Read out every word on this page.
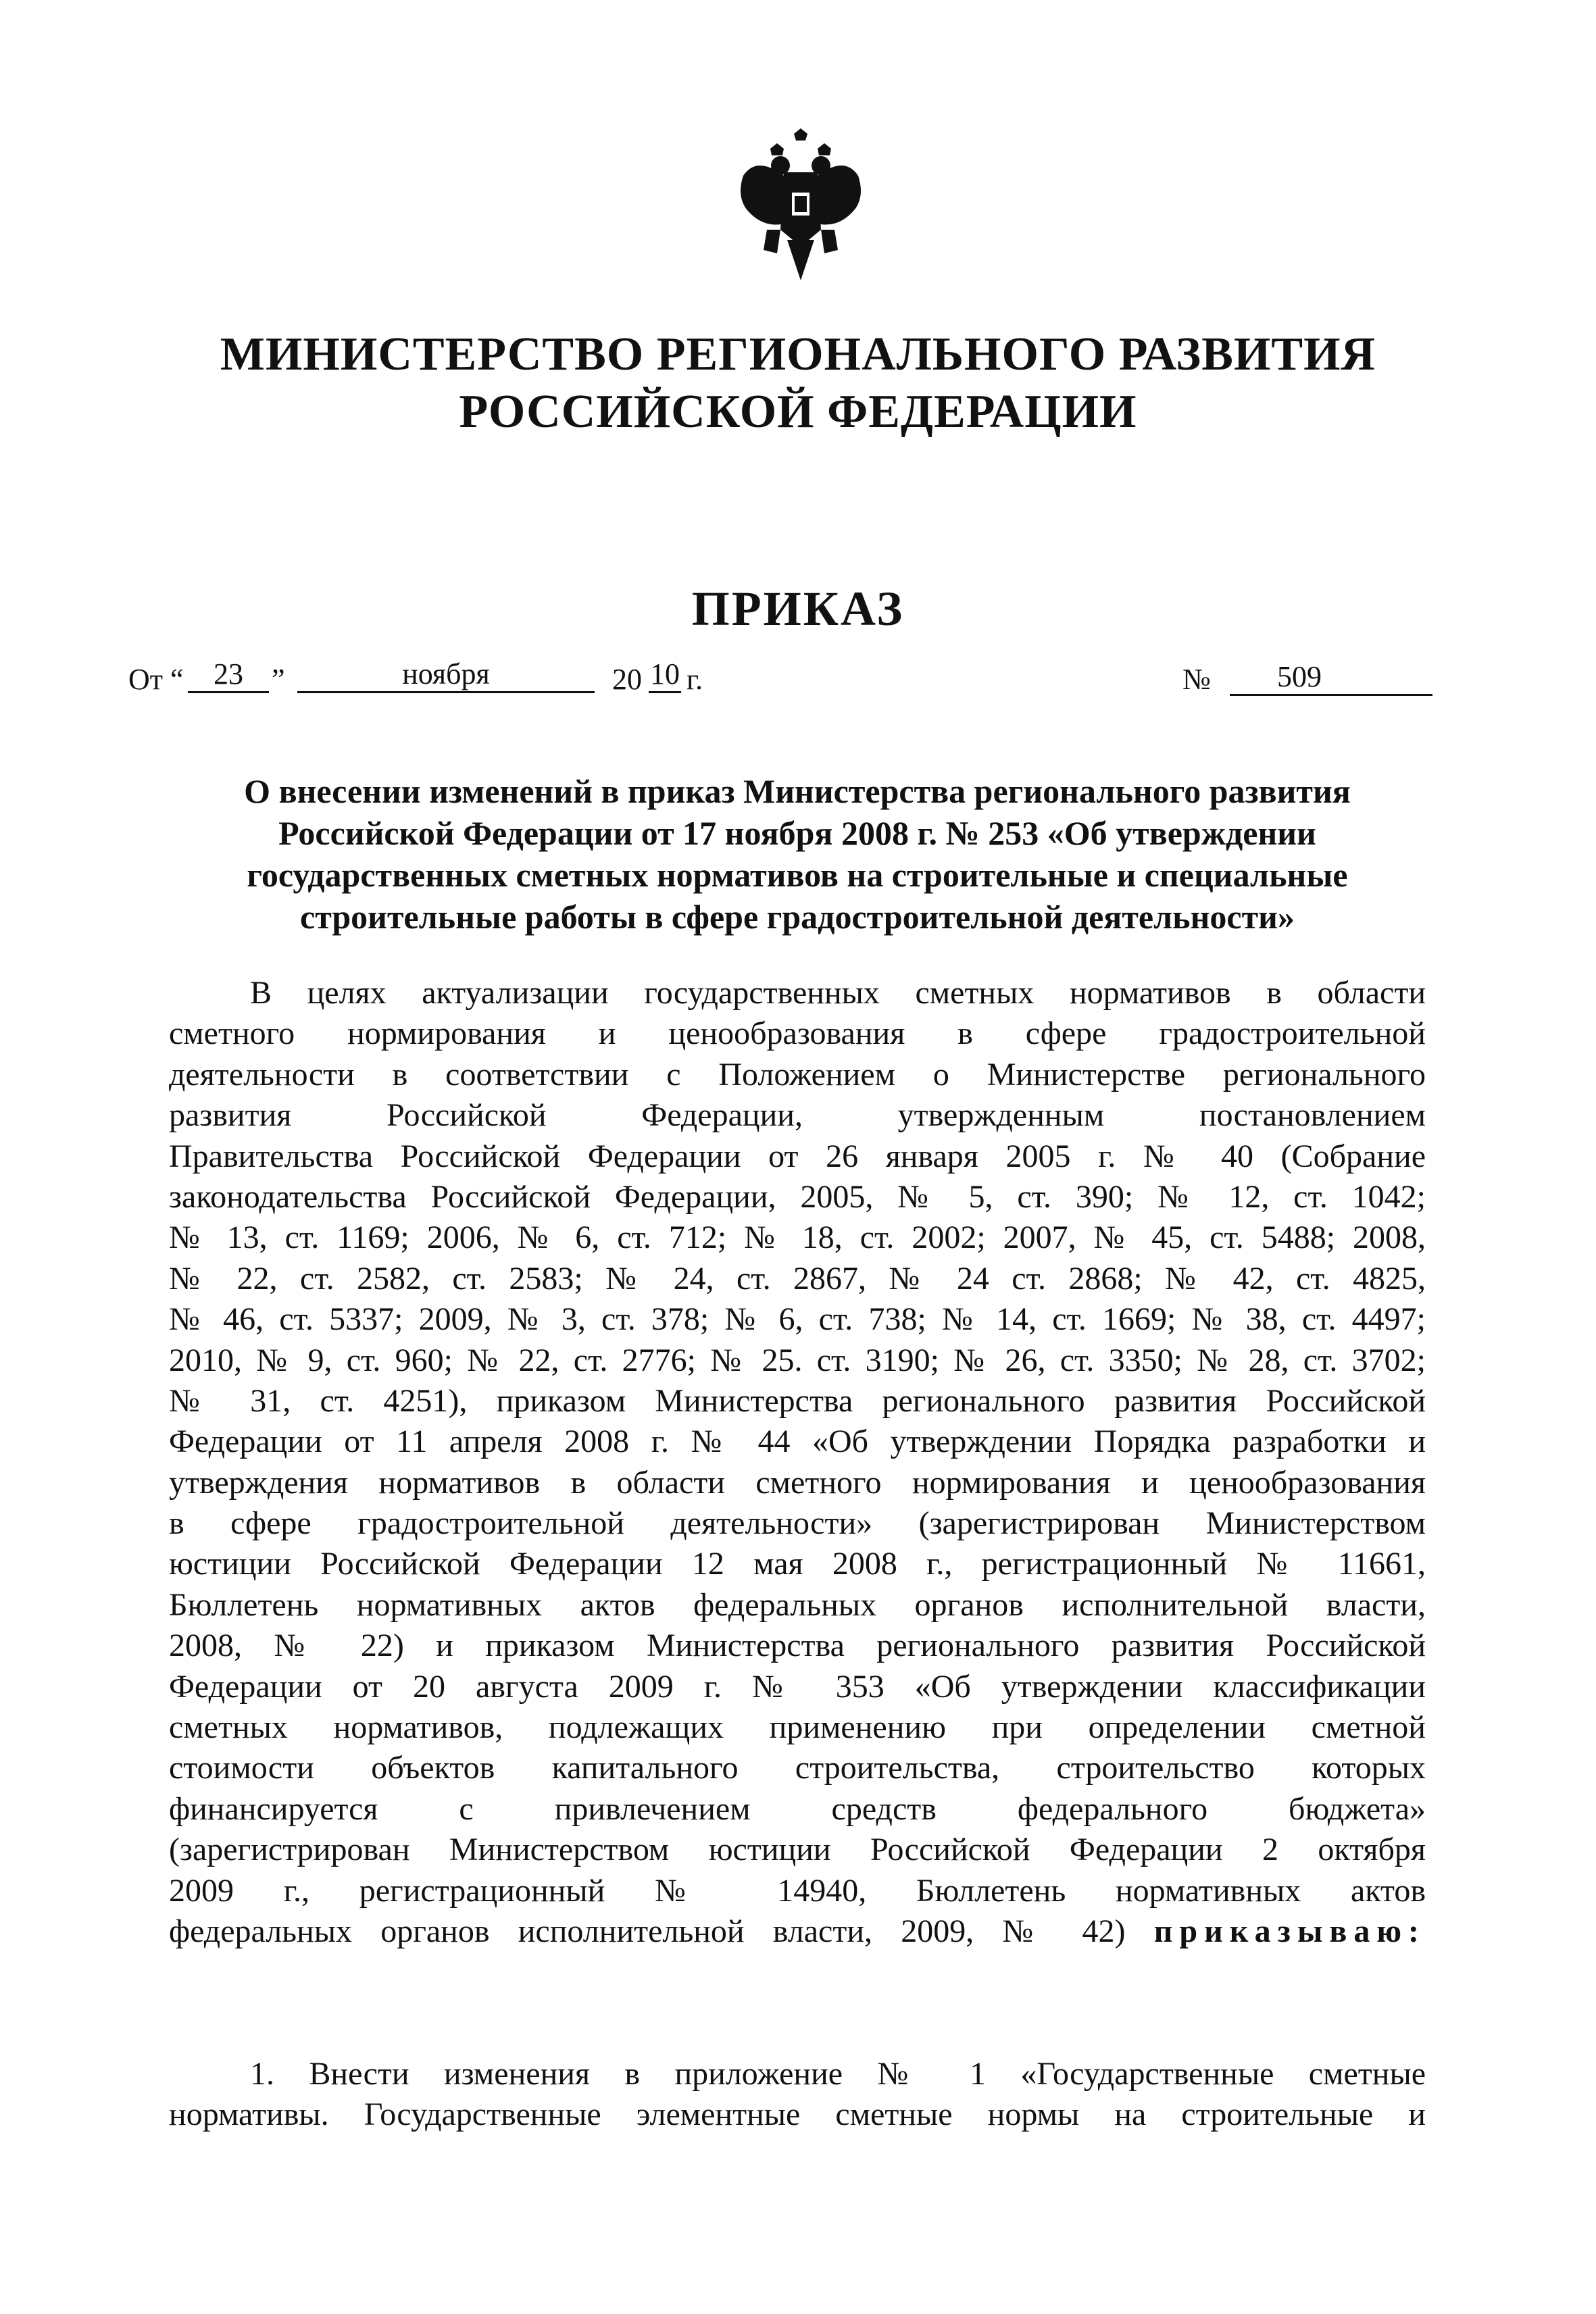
МИНИСТЕРСТВО РЕГИОНАЛЬНОГО РАЗВИТИЯ
РОССИЙСКОЙ ФЕДЕРАЦИИ
ПРИКАЗ
От “	23 ”	ноября	20 10 г.	№	509
О внесении изменений в приказ Министерства регионального развития
Российской Федерации от 17 ноября 2008 г. № 253 «Об утверждении
государственных сметных нормативов на строительные и специальные
строительные работы в сфере градостроительной деятельности»
В целях актуализации государственных сметных нормативов в области
сметного нормирования и ценообразования в сфере градостроительной
деятельности в соответствии с Положением о Министерстве регионального
развития Российской Федерации, утвержденным постановлением
Правительства Российской Федерации от 26 января 2005 г. № 40 (Собрание
законодательства Российской Федерации, 2005, № 5, ст. 390; № 12, ст. 1042;
№ 13, ст. 1169; 2006, № 6, ст. 712; № 18, ст. 2002; 2007, № 45, ст. 5488; 2008,
№ 22, ст. 2582, ст. 2583; № 24, ст. 2867, № 24 ст. 2868; № 42, ст. 4825,
№ 46, ст. 5337; 2009, № 3, ст. 378; № 6, ст. 738; № 14, ст. 1669; № 38, ст. 4497;
2010, № 9, ст. 960; № 22, ст. 2776; № 25. ст. 3190; № 26, ст. 3350; № 28, ст. 3702;
№ 31, ст. 4251), приказом Министерства регионального развития Российской
Федерации от 11 апреля 2008 г. № 44 «Об утверждении Порядка разработки и
утверждения нормативов в области сметного нормирования и ценообразования
в сфере градостроительной деятельности» (зарегистрирован Министерством
юстиции Российской Федерации 12 мая 2008 г., регистрационный № 11661,
Бюллетень нормативных актов федеральных органов исполнительной власти,
2008, № 22) и приказом Министерства регионального развития Российской
Федерации от 20 августа 2009 г. № 353 «Об утверждении классификации
сметных нормативов, подлежащих применению при определении сметной
стоимости объектов капитального строительства, строительство которых
финансируется с привлечением средств федерального бюджета»
(зарегистрирован Министерством юстиции Российской Федерации 2 октября
2009 г., регистрационный № 14940, Бюллетень нормативных актов
федеральных органов исполнительной власти, 2009, № 42) приказываю:
1. Внести изменения в приложение № 1 «Государственные сметные
нормативы. Государственные элементные сметные нормы на строительные и
